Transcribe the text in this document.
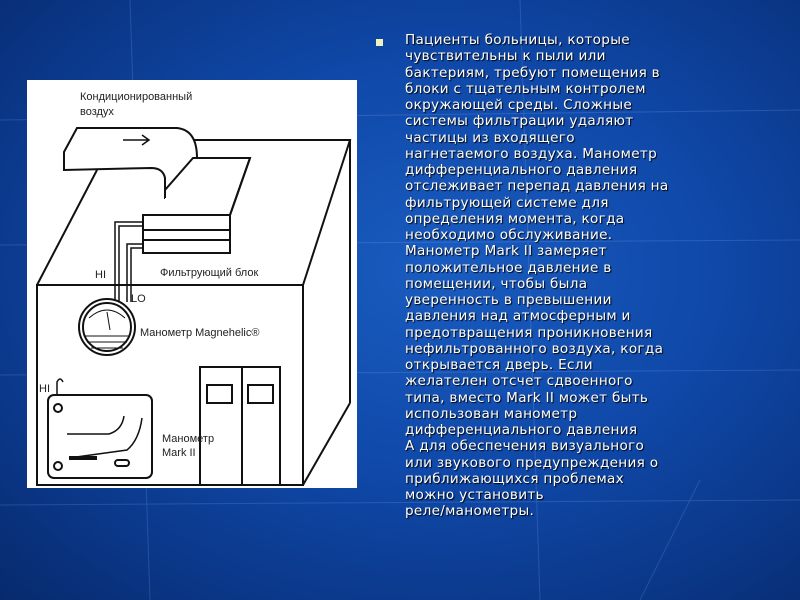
Кондиционированный
воздух
Фильтрующий блок
HI
LO
Манометр Magnehelic®
HI
Манометр
Mark II
Пациенты больницы, которые
чувствительны к пыли или
бактериям, требуют помещения в
блоки с тщательным контролем
окружающей среды. Сложные
системы фильтрации удаляют
частицы из входящего
нагнетаемого воздуха. Манометр
дифференциального давления
отслеживает перепад давления на
фильтрующей системе для
определения момента, когда
необходимо обслуживание.
Манометр Mark II замеряет
положительное давление в
помещении, чтобы была
уверенность в превышении
давления над атмосферным и
предотвращения проникновения
нефильтрованного воздуха, когда
открывается дверь. Если
желателен отсчет сдвоенного
типа, вместо Mark II может быть
использован манометр
дифференциального давления
А для обеспечения визуального
или звукового предупреждения о
приближающихся проблемах
можно установить
реле/манометры.
